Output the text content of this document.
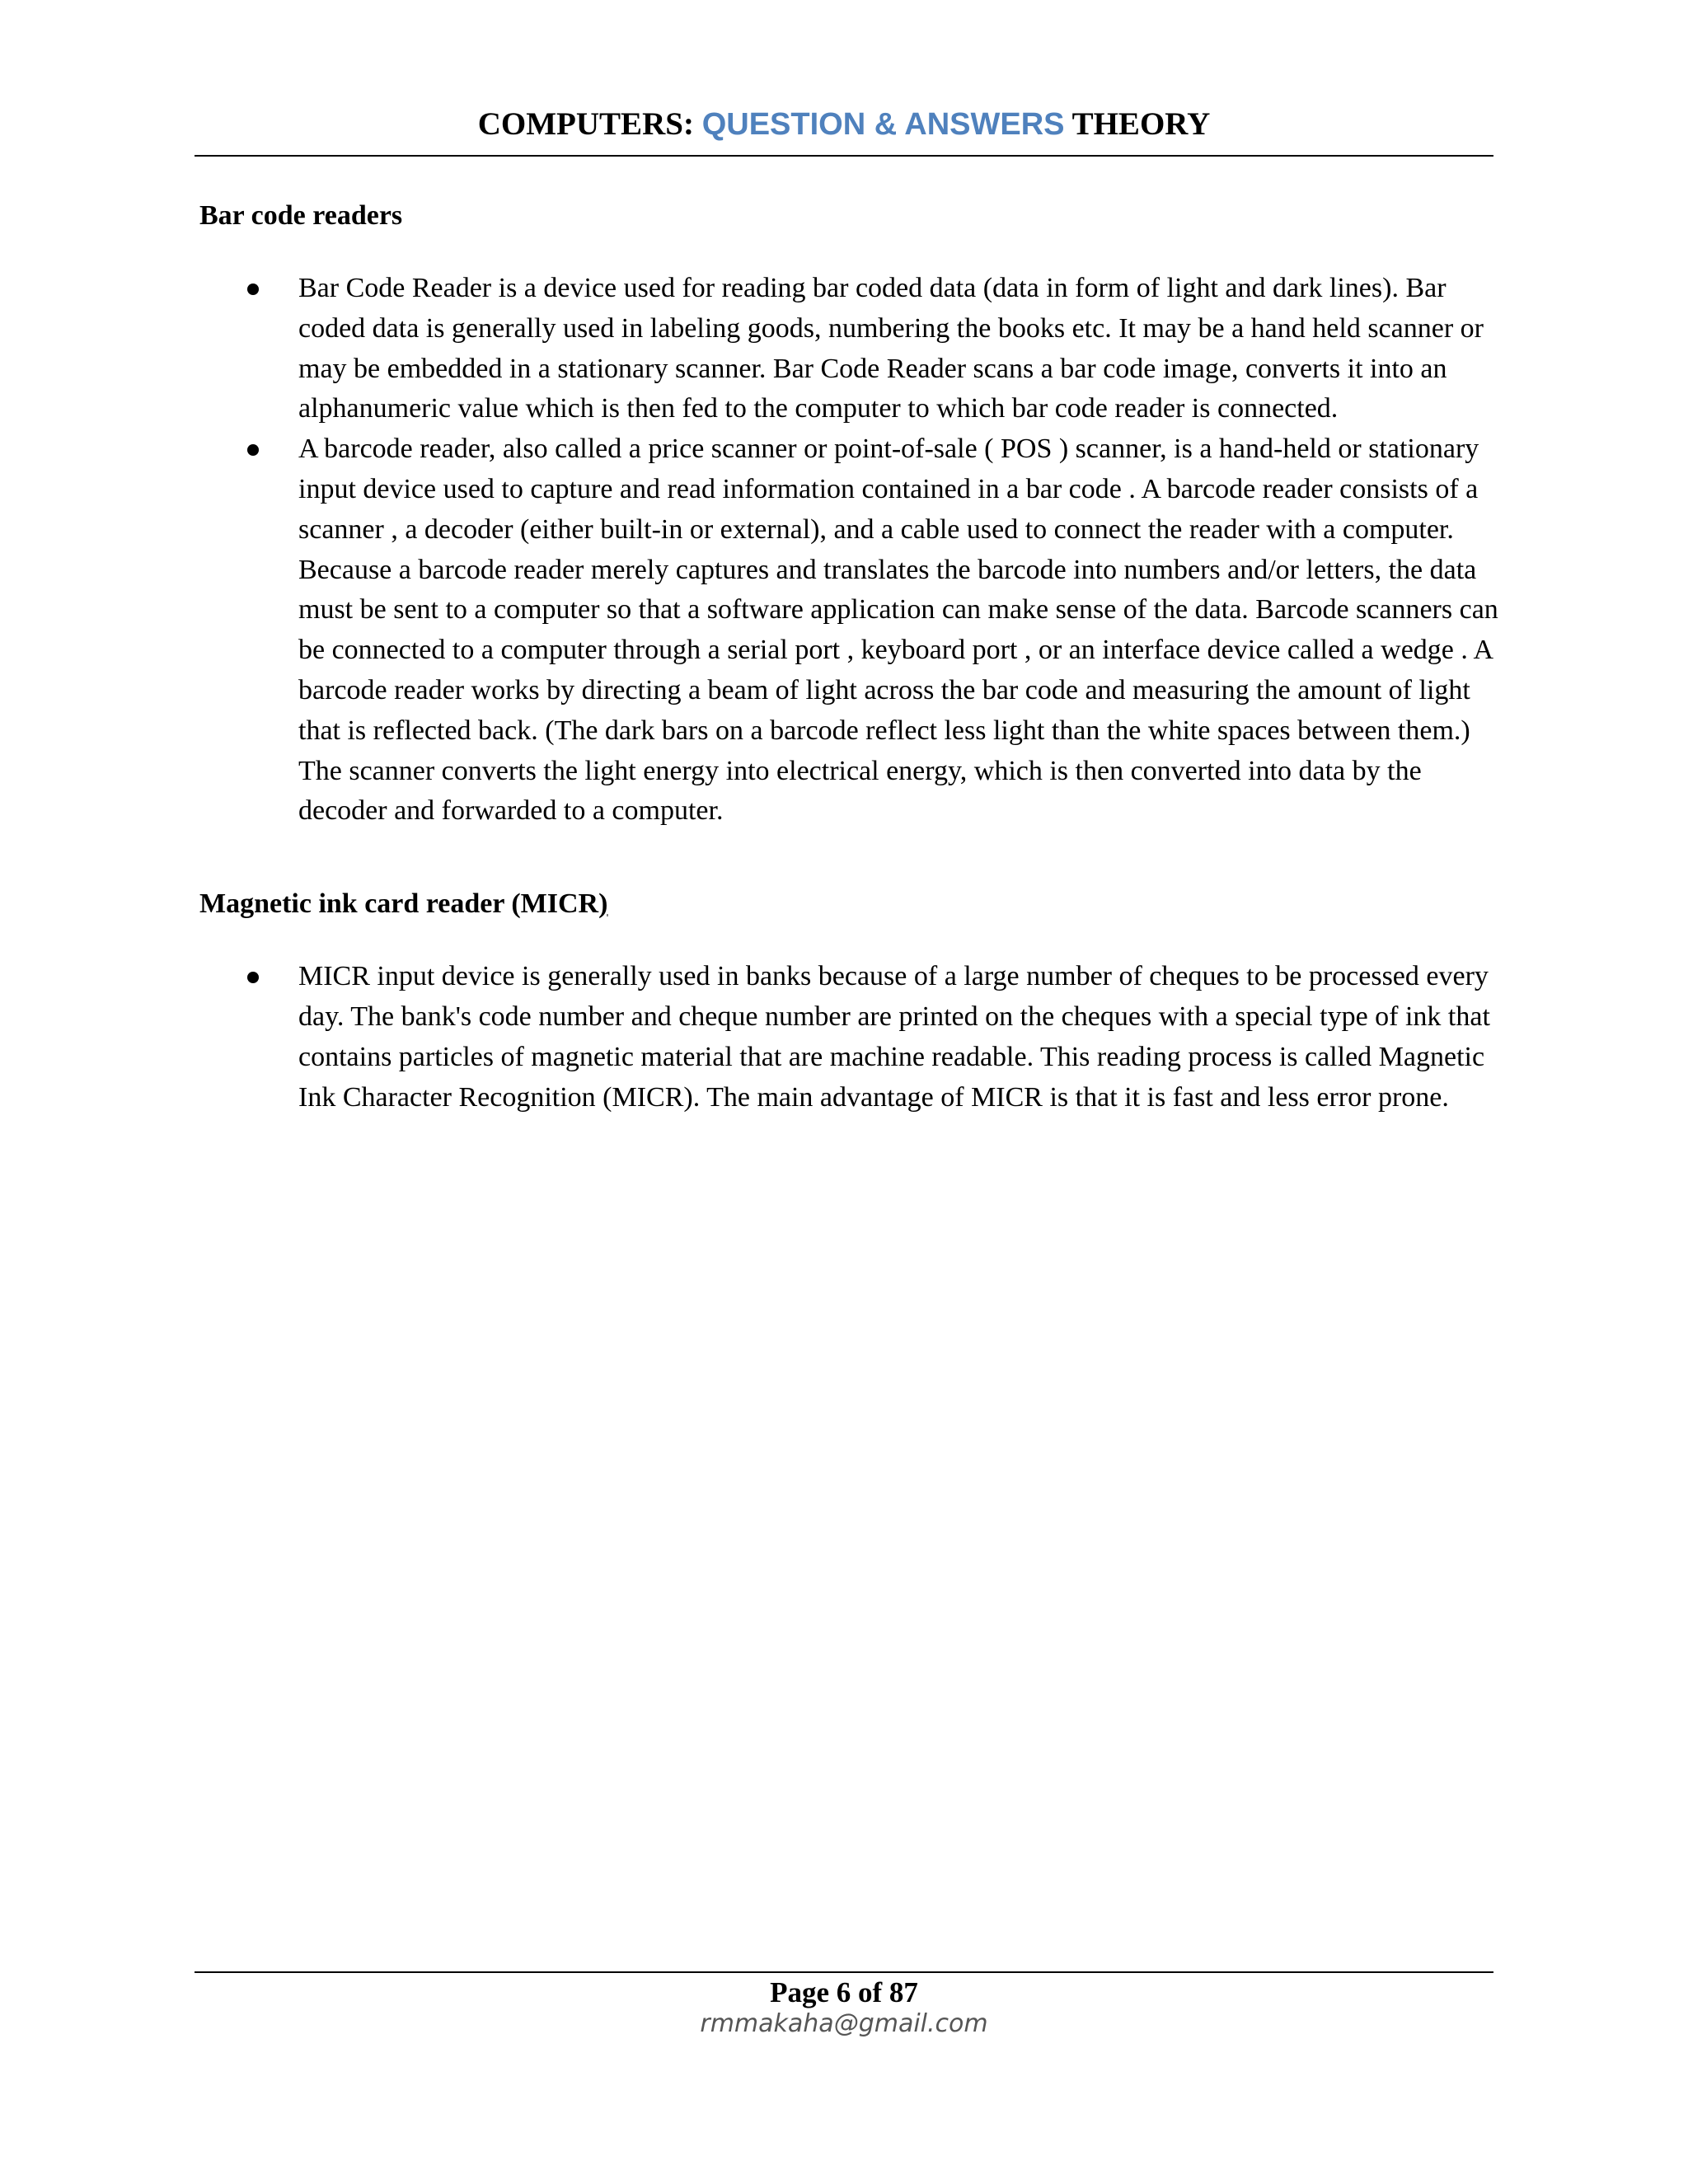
COMPUTERS: QUESTION & ANSWERS THEORY

Bar code readers

Bar Code Reader is a device used for reading bar coded data (data in form of light and dark lines). Bar coded data is generally used in labeling goods, numbering the books etc. It may be a hand held scanner or may be embedded in a stationary scanner. Bar Code Reader scans a bar code image, converts it into an alphanumeric value which is then fed to the computer to which bar code reader is connected.
A barcode reader, also called a price scanner or point-of-sale ( POS ) scanner, is a hand-held or stationary input device used to capture and read information contained in a bar code . A barcode reader consists of a scanner , a decoder (either built-in or external), and a cable used to connect the reader with a computer. Because a barcode reader merely captures and translates the barcode into numbers and/or letters, the data must be sent to a computer so that a software application can make sense of the data. Barcode scanners can be connected to a computer through a serial port , keyboard port , or an interface device called a wedge . A barcode reader works by directing a beam of light across the bar code and measuring the amount of light that is reflected back. (The dark bars on a barcode reflect less light than the white spaces between them.) The scanner converts the light energy into electrical energy, which is then converted into data by the decoder and forwarded to a computer.

Magnetic ink card reader (MICR)

MICR input device is generally used in banks because of a large number of cheques to be processed every day. The bank's code number and cheque number are printed on the cheques with a special type of ink that contains particles of magnetic material that are machine readable. This reading process is called Magnetic Ink Character Recognition (MICR). The main advantage of MICR is that it is fast and less error prone.
Page 6 of 87
rmmakaha@gmail.com
